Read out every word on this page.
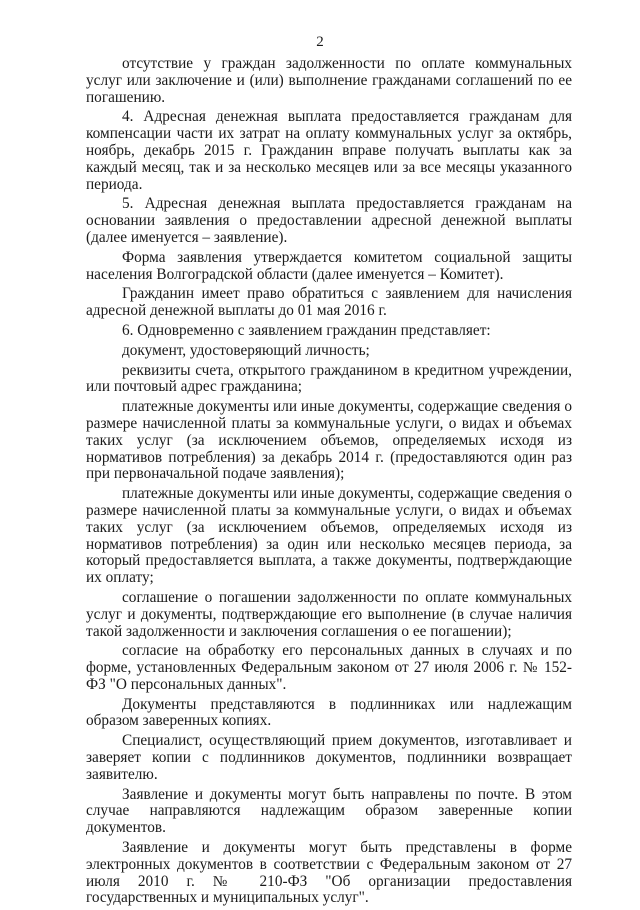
2

отсутствие у граждан задолженности по оплате коммунальных услуг или заключение и (или) выполнение гражданами соглашений по ее погашению.

4. Адресная денежная выплата предоставляется гражданам для компенсации части их затрат на оплату коммунальных услуг за октябрь, ноябрь, декабрь 2015 г. Гражданин вправе получать выплаты как за каждый месяц, так и за несколько месяцев или за все месяцы указанного периода.

5. Адресная денежная выплата предоставляется гражданам на основании заявления о предоставлении адресной денежной выплаты (далее именуется – заявление).

Форма заявления утверждается комитетом социальной защиты населения Волгоградской области (далее именуется – Комитет).

Гражданин имеет право обратиться с заявлением для начисления адресной денежной выплаты до 01 мая 2016 г.

6. Одновременно с заявлением гражданин представляет:

документ, удостоверяющий личность;

реквизиты счета, открытого гражданином в кредитном учреждении, или почтовый адрес гражданина;

платежные документы или иные документы, содержащие сведения о размере начисленной платы за коммунальные услуги, о видах и объемах таких услуг (за исключением объемов, определяемых исходя из нормативов потребления) за декабрь 2014 г. (предоставляются один раз при первоначальной подаче заявления);

платежные документы или иные документы, содержащие сведения о размере начисленной платы за коммунальные услуги, о видах и объемах таких услуг (за исключением объемов, определяемых исходя из нормативов потребления) за один или несколько месяцев периода, за который предоставляется выплата, а также документы, подтверждающие их оплату;

соглашение о погашении задолженности по оплате коммунальных услуг и документы, подтверждающие его выполнение (в случае наличия такой задолженности и заключения соглашения о ее погашении);

согласие на обработку его персональных данных в случаях и по форме, установленных Федеральным законом от 27 июля 2006 г. № 152-ФЗ "О персональных данных".

Документы представляются в подлинниках или надлежащим образом заверенных копиях.

Специалист, осуществляющий прием документов, изготавливает и заверяет копии с подлинников документов, подлинники возвращает заявителю.

Заявление и документы могут быть направлены по почте. В этом случае направляются надлежащим образом заверенные копии документов.

Заявление и документы могут быть представлены в форме электронных документов в соответствии с Федеральным законом от 27 июля 2010 г. № 210-ФЗ "Об организации предоставления государственных и муниципальных услуг".
